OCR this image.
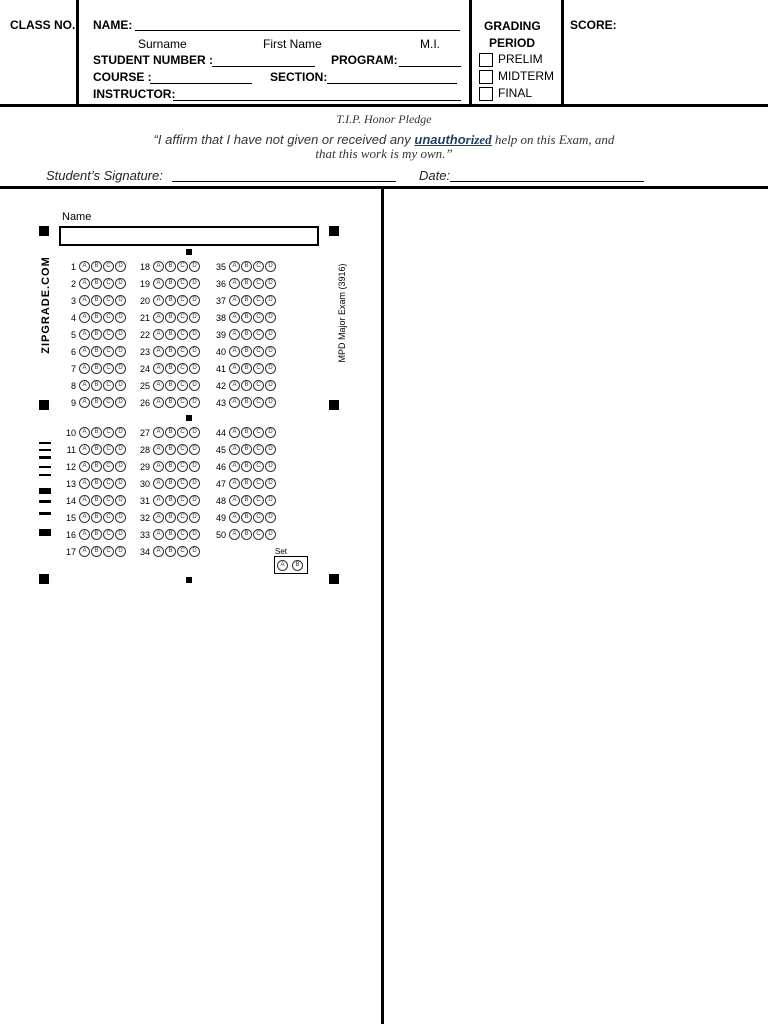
CLASS NO. NAME:
Surname	First Name	M.I.
STUDENT NUMBER :	PROGRAM:
COURSE :	SECTION:
INSTRUCTOR:
GRADING
PERIOD
PRELIM
MIDTERM
FINAL
SCORE:
T.I.P. Honor Pledge
“I affirm that I have not given or received any unauthorized help on this Exam, and
that this work is my own.”
Student’s Signature:	Date:
Name
ZIPGRADE.COM	MPD Major Exam (3916)
1 A B C D	18 A B C D	35 A B C D
2 A B C D	19 A B C D	36 A B C D
3 A B C D	20 A B C D	37 A B C D
4 A B C D	21 A B C D	38 A B C D
5 A B C D	22 A B C D	39 A B C D
6 A B C D	23 A B C D	40 A B C D
7 A B C D	24 A B C D	41 A B C D
8 A B C D	25 A B C D	42 A B C D
9 A B C D	26 A B C D	43 A B C D
10 A B C D	27 A B C D	44 A B C D
11 A B C D	28 A B C D	45 A B C D
12 A B C D	29 A B C D	46 A B C D
13 A B C D	30 A B C D	47 A B C D
14 A B C D	31 A B C D	48 A B C D
15 A B C D	32 A B C D	49 A B C D
16 A B C D	33 A B C D	50 A B C D
17 A B C D	34 A B C D	Set
A	B
